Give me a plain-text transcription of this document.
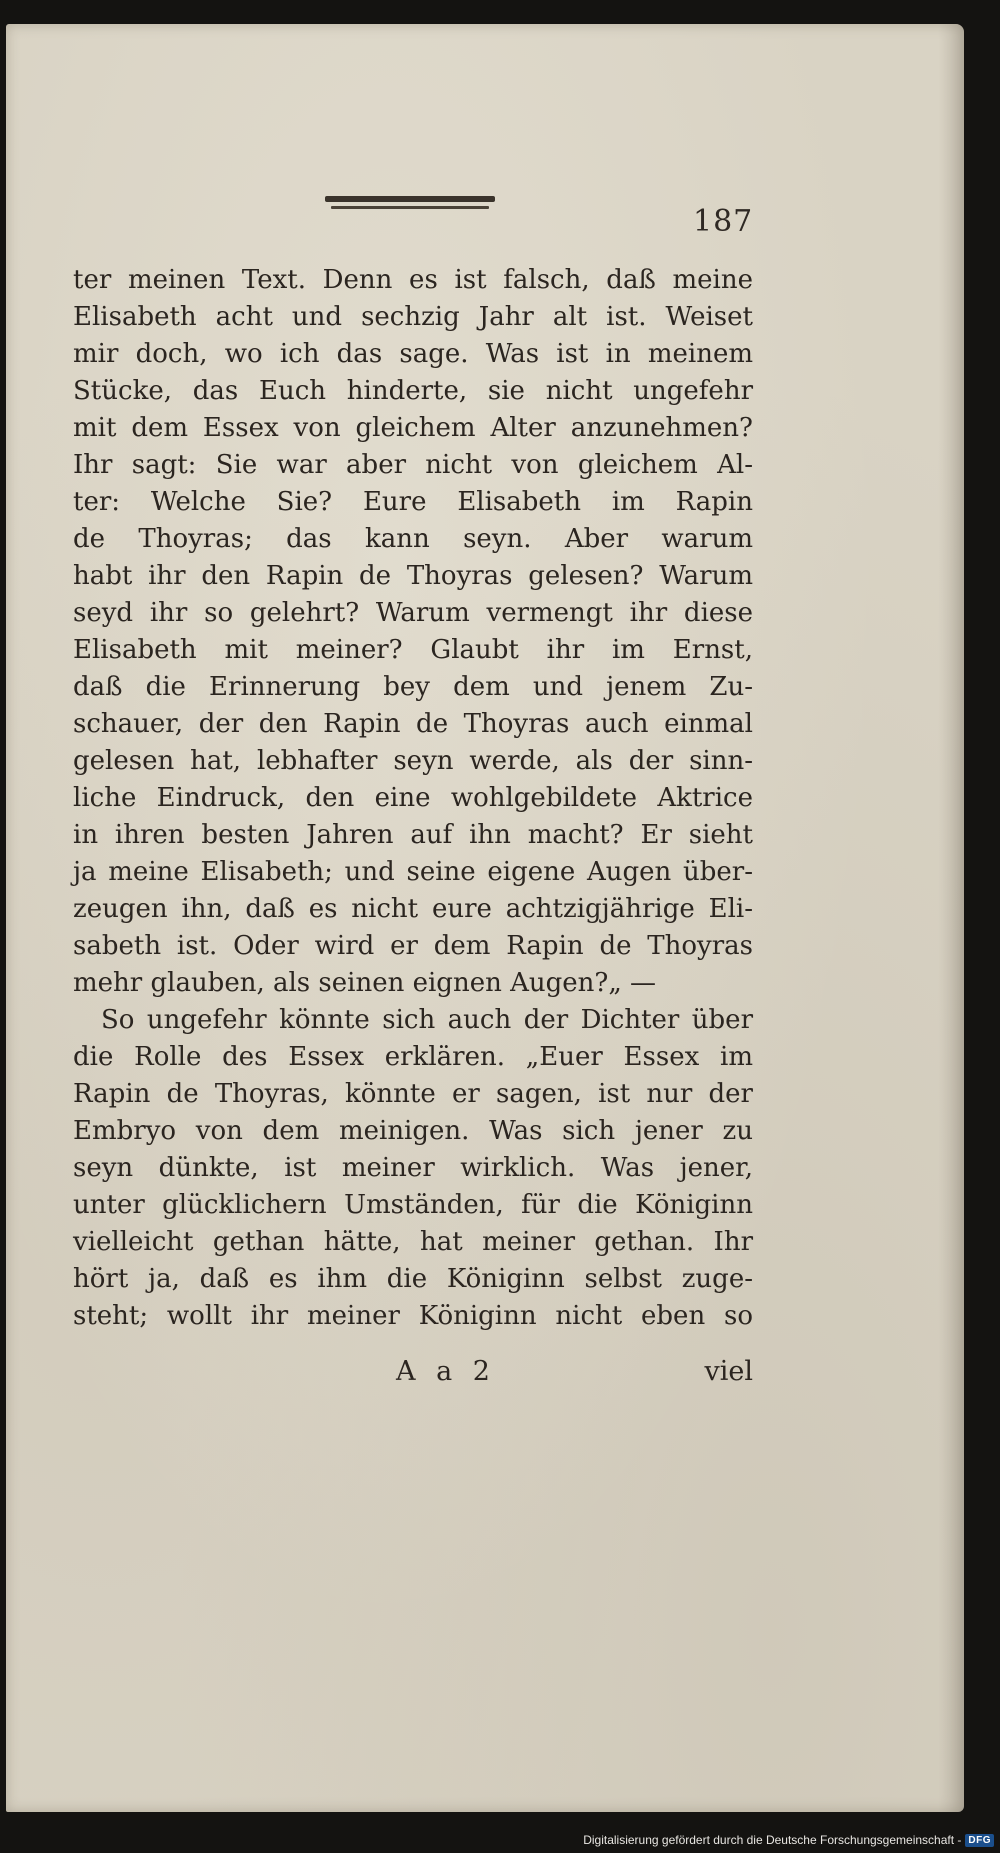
187
ter meinen Text. Denn es ist falsch, daß meine
Elisabeth acht und sechzig Jahr alt ist. Weiset
mir doch, wo ich das sage. Was ist in meinem
Stücke, das Euch hinderte, sie nicht ungefehr
mit dem Essex von gleichem Alter anzunehmen?
Ihr sagt: Sie war aber nicht von gleichem Al-
ter: Welche Sie? Eure Elisabeth im Rapin
de Thoyras; das kann seyn. Aber warum
habt ihr den Rapin de Thoyras gelesen? Warum
seyd ihr so gelehrt? Warum vermengt ihr diese
Elisabeth mit meiner? Glaubt ihr im Ernst,
daß die Erinnerung bey dem und jenem Zu-
schauer, der den Rapin de Thoyras auch einmal
gelesen hat, lebhafter seyn werde, als der sinn-
liche Eindruck, den eine wohlgebildete Aktrice
in ihren besten Jahren auf ihn macht? Er sieht
ja meine Elisabeth; und seine eigene Augen über-
zeugen ihn, daß es nicht eure achtzigjährige Eli-
sabeth ist. Oder wird er dem Rapin de Thoyras
mehr glauben, als seinen eignen Augen?„ —
So ungefehr könnte sich auch der Dichter über
die Rolle des Essex erklären. „Euer Essex im
Rapin de Thoyras, könnte er sagen, ist nur der
Embryo von dem meinigen. Was sich jener zu
seyn dünkte, ist meiner wirklich. Was jener,
unter glücklichern Umständen, für die Königinn
vielleicht gethan hätte, hat meiner gethan. Ihr
hört ja, daß es ihm die Königinn selbst zuge-
steht; wollt ihr meiner Königinn nicht eben so
A a 2	viel
Digitalisierung gefördert durch die Deutsche Forschungsgemeinschaft - DFG
